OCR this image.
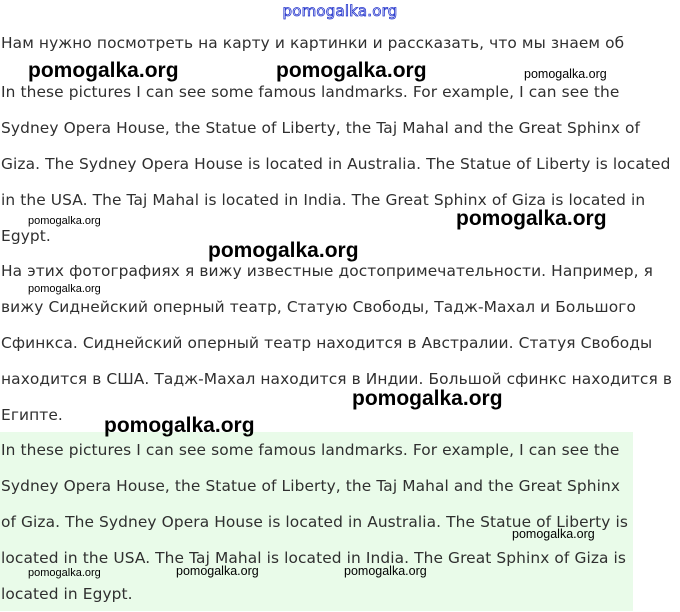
pomogalka.org

Нам нужно посмотреть на карту и картинки и рассказать, что мы знаем об

In these pictures I can see some famous landmarks. For example, I can see the Sydney Opera House, the Statue of Liberty, the Taj Mahal and the Great Sphinx of Giza. The Sydney Opera House is located in Australia. The Statue of Liberty is located in the USA. The Taj Mahal is located in India. The Great Sphinx of Giza is located in Egypt.

На этих фотографиях я вижу известные достопримечательности. Например, я вижу Сиднейский оперный театр, Статую Свободы, Тадж-Махал и Большого Сфинкса. Сиднейский оперный театр находится в Австралии. Статуя Свободы находится в США. Тадж-Махал находится в Индии. Большой сфинкс находится в Египте.

In these pictures I can see some famous landmarks. For example, I can see the Sydney Opera House, the Statue of Liberty, the Taj Mahal and the Great Sphinx of Giza. The Sydney Opera House is located in Australia. The Statue of Liberty is located in the USA. The Taj Mahal is located in India. The Great Sphinx of Giza is located in Egypt.

pomogalka.org	pomogalka.org	pomogalka.org
pomogalka.org	pomogalka.org
pomogalka.org
pomogalka.org
pomogalka.org
pomogalka.org
pomogalka.org
pomogalka.org	pomogalka.org	pomogalka.org
